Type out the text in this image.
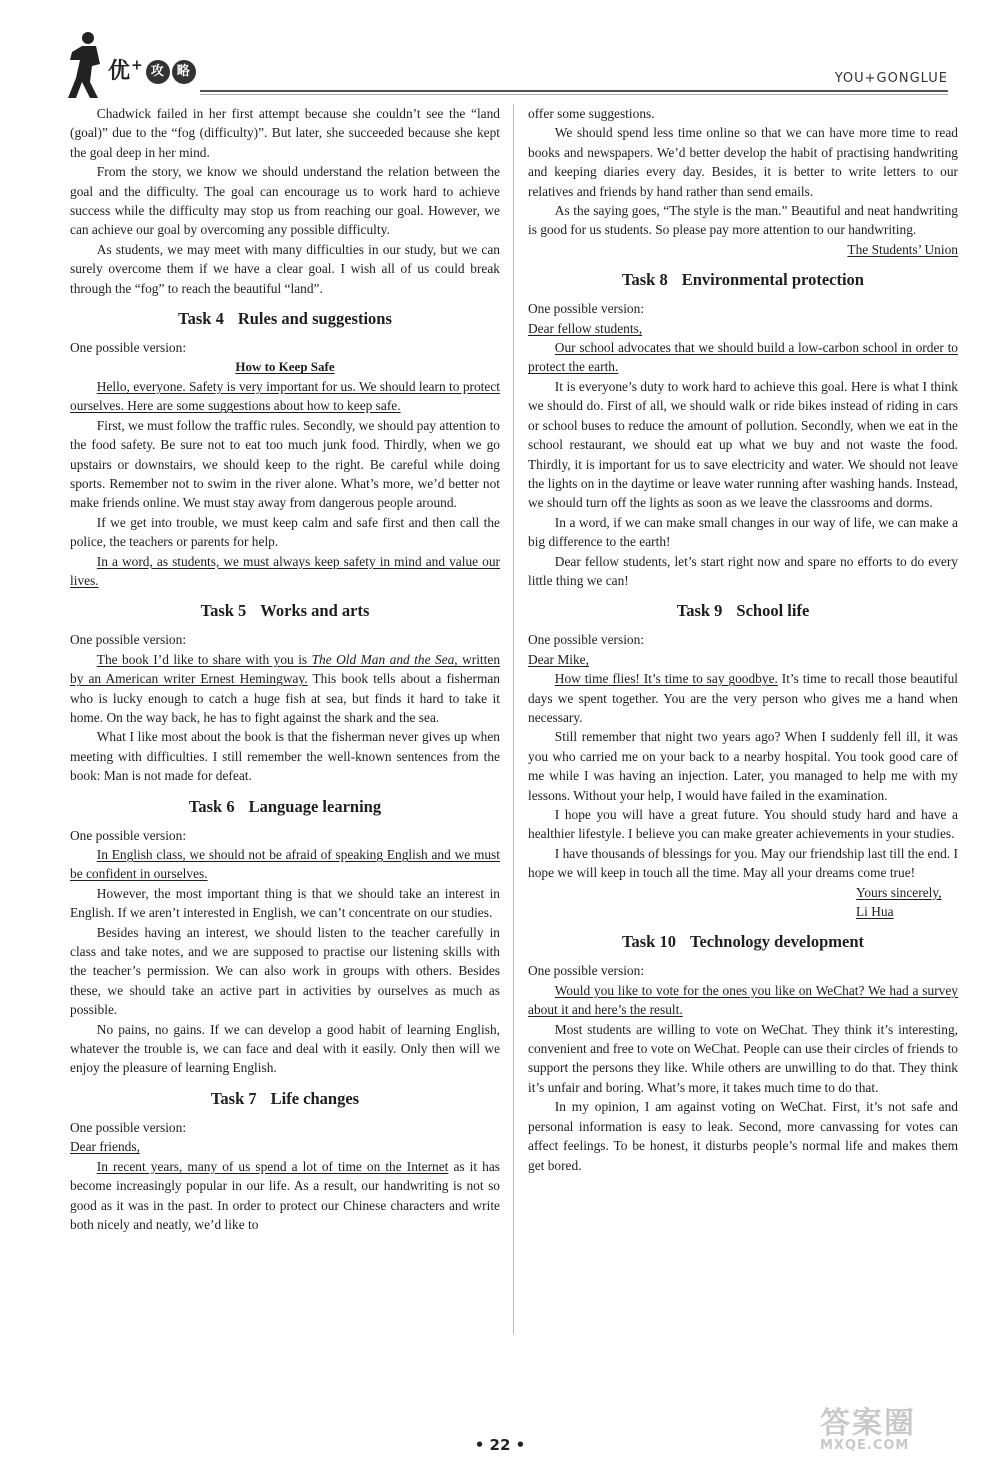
优+ 攻 略	YOU+GONGLUE

Chadwick failed in her first attempt because she couldn’t see the “land (goal)” due to the “fog (difficulty)”. But later, she succeeded because she kept the goal deep in her mind.

From the story, we know we should understand the relation between the goal and the difficulty. The goal can encourage us to work hard to achieve success while the difficulty may stop us from reaching our goal. However, we can achieve our goal by overcoming any possible difficulty.

As students, we may meet with many difficulties in our study, but we can surely overcome them if we have a clear goal. I wish all of us could break through the “fog” to reach the beautiful “land”.

Task 4 Rules and suggestions

One possible version:

How to Keep Safe

Hello, everyone. Safety is very important for us. We should learn to protect ourselves. Here are some suggestions about how to keep safe.

First, we must follow the traffic rules. Secondly, we should pay attention to the food safety. Be sure not to eat too much junk food. Thirdly, when we go upstairs or downstairs, we should keep to the right. Be careful while doing sports. Remember not to swim in the river alone. What’s more, we’d better not make friends online. We must stay away from dangerous people around.

If we get into trouble, we must keep calm and safe first and then call the police, the teachers or parents for help.

In a word, as students, we must always keep safety in mind and value our lives.

Task 5 Works and arts

One possible version:

The book I’d like to share with you is The Old Man and the Sea, written by an American writer Ernest Hemingway. This book tells about a fisherman who is lucky enough to catch a huge fish at sea, but finds it hard to take it home. On the way back, he has to fight against the shark and the sea.

What I like most about the book is that the fisherman never gives up when meeting with difficulties. I still remember the well-known sentences from the book: Man is not made for defeat.

Task 6 Language learning

One possible version:

In English class, we should not be afraid of speaking English and we must be confident in ourselves.

However, the most important thing is that we should take an interest in English. If we aren’t interested in English, we can’t concentrate on our studies.

Besides having an interest, we should listen to the teacher carefully in class and take notes, and we are supposed to practise our listening skills with the teacher’s permission. We can also work in groups with others. Besides these, we should take an active part in activities by ourselves as much as possible.

No pains, no gains. If we can develop a good habit of learning English, whatever the trouble is, we can face and deal with it easily. Only then will we enjoy the pleasure of learning English.

Task 7 Life changes

One possible version:

Dear friends,

In recent years, many of us spend a lot of time on the Internet as it has become increasingly popular in our life. As a result, our handwriting is not so good as it was in the past. In order to protect our Chinese characters and write both nicely and neatly, we’d like to

offer some suggestions.

We should spend less time online so that we can have more time to read books and newspapers. We’d better develop the habit of practising handwriting and keeping diaries every day. Besides, it is better to write letters to our relatives and friends by hand rather than send emails.

As the saying goes, “The style is the man.” Beautiful and neat handwriting is good for us students. So please pay more attention to our handwriting.

The Students’ Union

Task 8 Environmental protection

One possible version:

Dear fellow students,

Our school advocates that we should build a low-carbon school in order to protect the earth.

It is everyone’s duty to work hard to achieve this goal. Here is what I think we should do. First of all, we should walk or ride bikes instead of riding in cars or school buses to reduce the amount of pollution. Secondly, when we eat in the school restaurant, we should eat up what we buy and not waste the food. Thirdly, it is important for us to save electricity and water. We should not leave the lights on in the daytime or leave water running after washing hands. Instead, we should turn off the lights as soon as we leave the classrooms and dorms.

In a word, if we can make small changes in our way of life, we can make a big difference to the earth!

Dear fellow students, let’s start right now and spare no efforts to do every little thing we can!

Task 9 School life

One possible version:

Dear Mike,

How time flies! It’s time to say goodbye. It’s time to recall those beautiful days we spent together. You are the very person who gives me a hand when necessary.

Still remember that night two years ago? When I suddenly fell ill, it was you who carried me on your back to a nearby hospital. You took good care of me while I was having an injection. Later, you managed to help me with my lessons. Without your help, I would have failed in the examination.

I hope you will have a great future. You should study hard and have a healthier lifestyle. I believe you can make greater achievements in your studies.

I have thousands of blessings for you. May our friendship last till the end. I hope we will keep in touch all the time. May all your dreams come true!

Yours sincerely,
Li Hua
Task 10 Technology development

One possible version:

Would you like to vote for the ones you like on WeChat? We had a survey about it and here’s the result.

Most students are willing to vote on WeChat. They think it’s interesting, convenient and free to vote on WeChat. People can use their circles of friends to support the persons they like. While others are unwilling to do that. They think it’s unfair and boring. What’s more, it takes much time to do that.

In my opinion, I am against voting on WeChat. First, it’s not safe and personal information is easy to leak. Second, more canvassing for votes can affect feelings. To be honest, it disturbs people’s normal life and makes them get bored.

• 22 •
答案圈
MXQE.COM
